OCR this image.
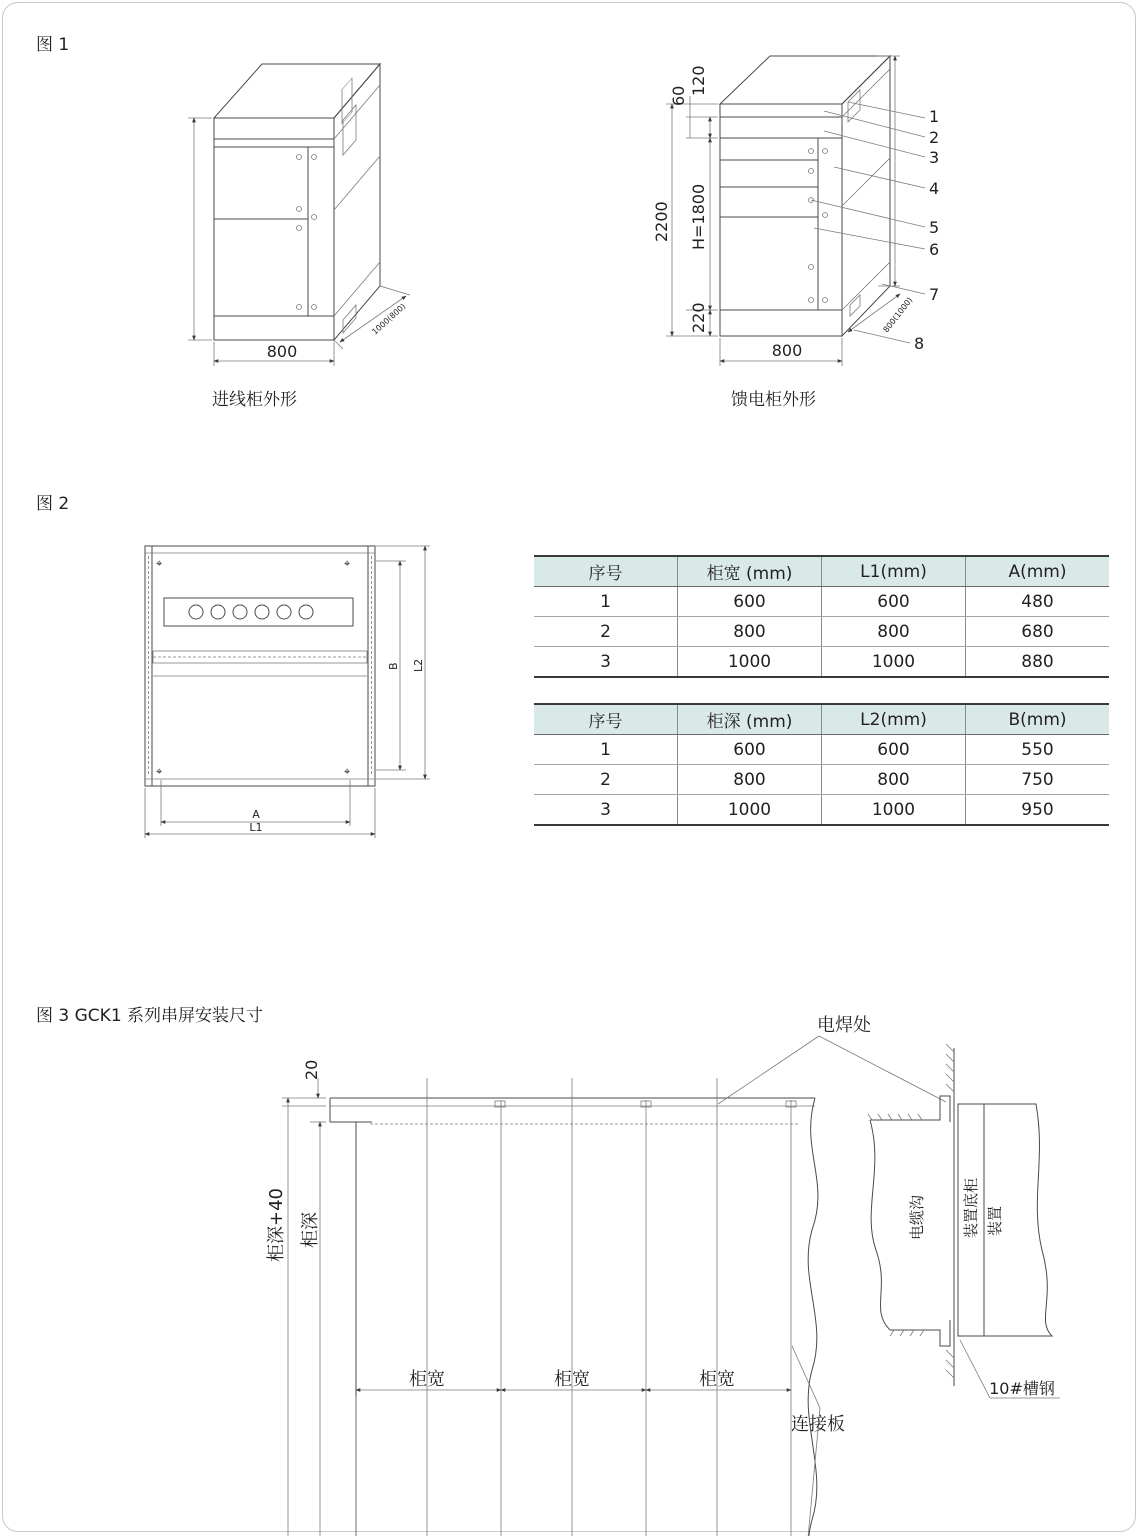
图 1
图 2
图 3 GCK1 系列串屏安装尺寸
进线柜外形	馈电柜外形
800
1000(800)
60 120
2200 H=1800
220
800
800(1000)
1
2
3
4
5
6
7
8
⌖	⌖
⌖	⌖
A
L1
B L2
20
柜深+40 柜深
柜宽	柜宽	柜宽
电焊处
连接板
电缆沟 装置底柜 装置
10#槽钢
序号	柜宽 (mm)	L1(mm)	A(mm)
1	600	600	480
2	800	800	680
3	1000	1000	880
序号	柜深 (mm)	L2(mm)	B(mm)
1	600	600	550
2	800	800	750
3	1000	1000	950
